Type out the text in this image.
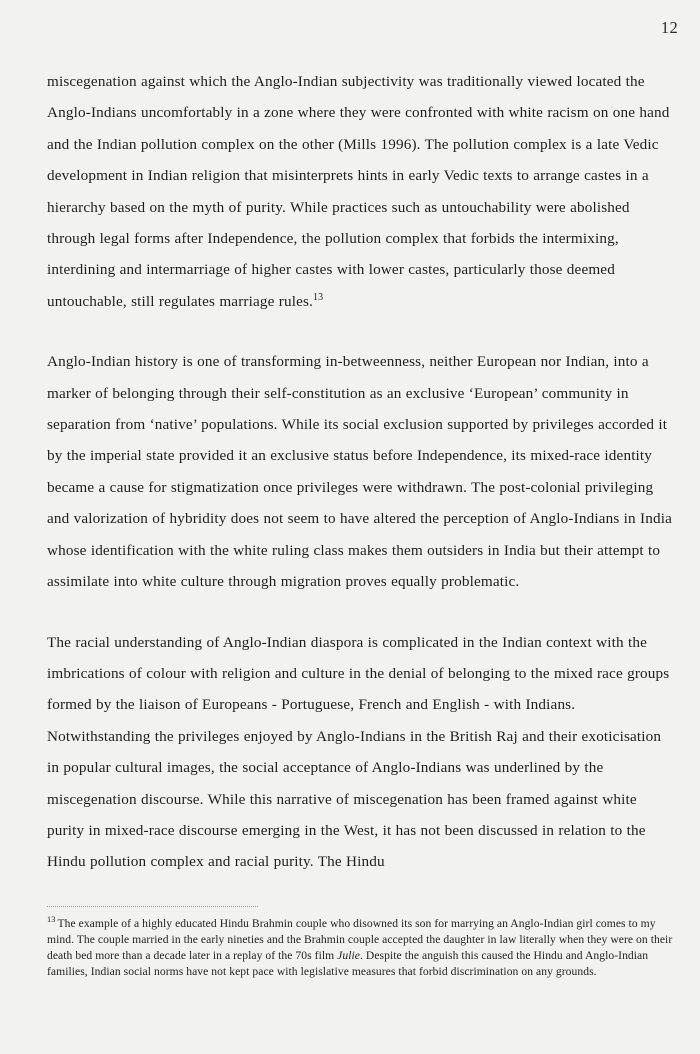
12

miscegenation against which the Anglo-Indian subjectivity was traditionally viewed located the Anglo-Indians uncomfortably in a zone where they were confronted with white racism on one hand and the Indian pollution complex on the other (Mills 1996). The pollution complex is a late Vedic development in Indian religion that misinterprets hints in early Vedic texts to arrange castes in a hierarchy based on the myth of purity. While practices such as untouchability were abolished through legal forms after Independence, the pollution complex that forbids the intermixing, interdining and intermarriage of higher castes with lower castes, particularly those deemed untouchable, still regulates marriage rules.$^{13}$

Anglo-Indian history is one of transforming in-betweenness, neither European nor Indian, into a marker of belonging through their self-constitution as an exclusive ‘European’ community in separation from ‘native’ populations. While its social exclusion supported by privileges accorded it by the imperial state provided it an exclusive status before Independence, its mixed-race identity became a cause for stigmatization once privileges were withdrawn. The post-colonial privileging and valorization of hybridity does not seem to have altered the perception of Anglo-Indians in India whose identification with the white ruling class makes them outsiders in India but their attempt to assimilate into white culture through migration proves equally problematic.

The racial understanding of Anglo-Indian diaspora is complicated in the Indian context with the imbrications of colour with religion and culture in the denial of belonging to the mixed race groups formed by the liaison of Europeans - Portuguese, French and English - with Indians. Notwithstanding the privileges enjoyed by Anglo-Indians in the British Raj and their exoticisation in popular cultural images, the social acceptance of Anglo-Indians was underlined by the miscegenation discourse. While this narrative of miscegenation has been framed against white purity in mixed-race discourse emerging in the West, it has not been discussed in relation to the Hindu pollution complex and racial purity. The Hindu

$^{13}$ The example of a highly educated Hindu Brahmin couple who disowned its son for marrying an Anglo-Indian girl comes to my mind. The couple married in the early nineties and the Brahmin couple accepted the daughter in law literally when they were on their death bed more than a decade later in a replay of the 70s film Julie. Despite the anguish this caused the Hindu and Anglo-Indian families, Indian social norms have not kept pace with legislative measures that forbid discrimination on any grounds.
